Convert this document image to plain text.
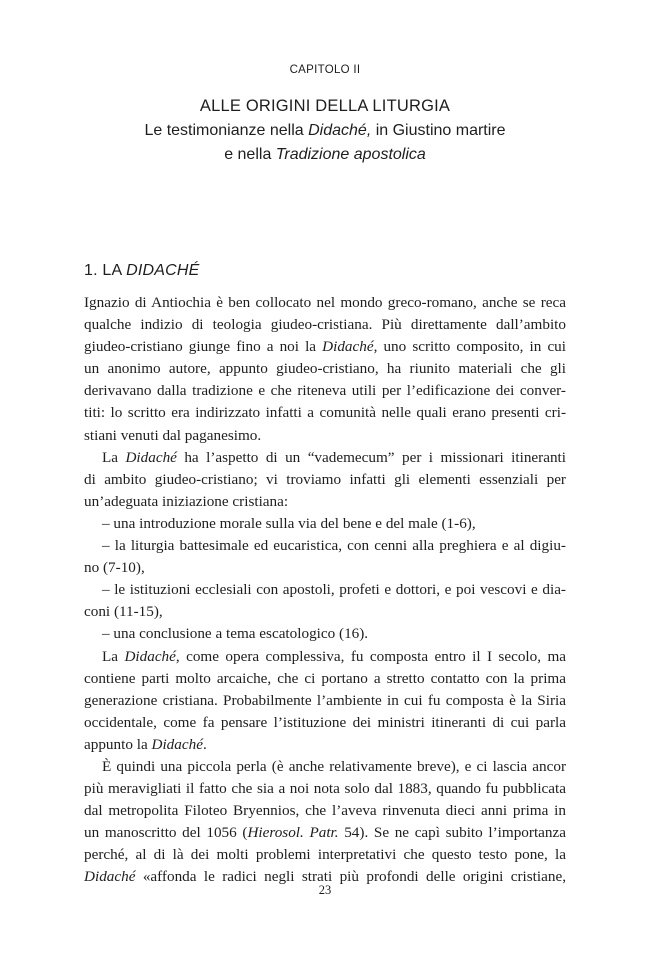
CAPITOLO II
ALLE ORIGINI DELLA LITURGIA
Le testimonianze nella Didaché, in Giustino martire
e nella Tradizione apostolica
1. LA DIDACHÉ
Ignazio di Antiochia è ben collocato nel mondo greco-romano, anche se reca
qualche indizio di teologia giudeo-cristiana. Più direttamente dall’ambito
giudeo-cristiano giunge fino a noi la Didaché, uno scritto composito, in cui
un anonimo autore, appunto giudeo-cristiano, ha riunito materiali che gli
derivavano dalla tradizione e che riteneva utili per l’edificazione dei conver-
titi: lo scritto era indirizzato infatti a comunità nelle quali erano presenti cri-
stiani venuti dal paganesimo.
La Didaché ha l’aspetto di un “vademecum” per i missionari itineranti
di ambito giudeo-cristiano; vi troviamo infatti gli elementi essenziali per
un’adeguata iniziazione cristiana:
– una introduzione morale sulla via del bene e del male (1-6),
– la liturgia battesimale ed eucaristica, con cenni alla preghiera e al digiu-
no (7-10),
– le istituzioni ecclesiali con apostoli, profeti e dottori, e poi vescovi e dia-
coni (11-15),
– una conclusione a tema escatologico (16).
La Didaché, come opera complessiva, fu composta entro il I secolo, ma
contiene parti molto arcaiche, che ci portano a stretto contatto con la prima
generazione cristiana. Probabilmente l’ambiente in cui fu composta è la Siria
occidentale, come fa pensare l’istituzione dei ministri itineranti di cui parla
appunto la Didaché.
È quindi una piccola perla (è anche relativamente breve), e ci lascia ancor
più meravigliati il fatto che sia a noi nota solo dal 1883, quando fu pubblicata
dal metropolita Filoteo Bryennios, che l’aveva rinvenuta dieci anni prima in
un manoscritto del 1056 (Hierosol. Patr. 54). Se ne capì subito l’importanza
perché, al di là dei molti problemi interpretativi che questo testo pone, la
Didaché «affonda le radici negli strati più profondi delle origini cristiane,
23
